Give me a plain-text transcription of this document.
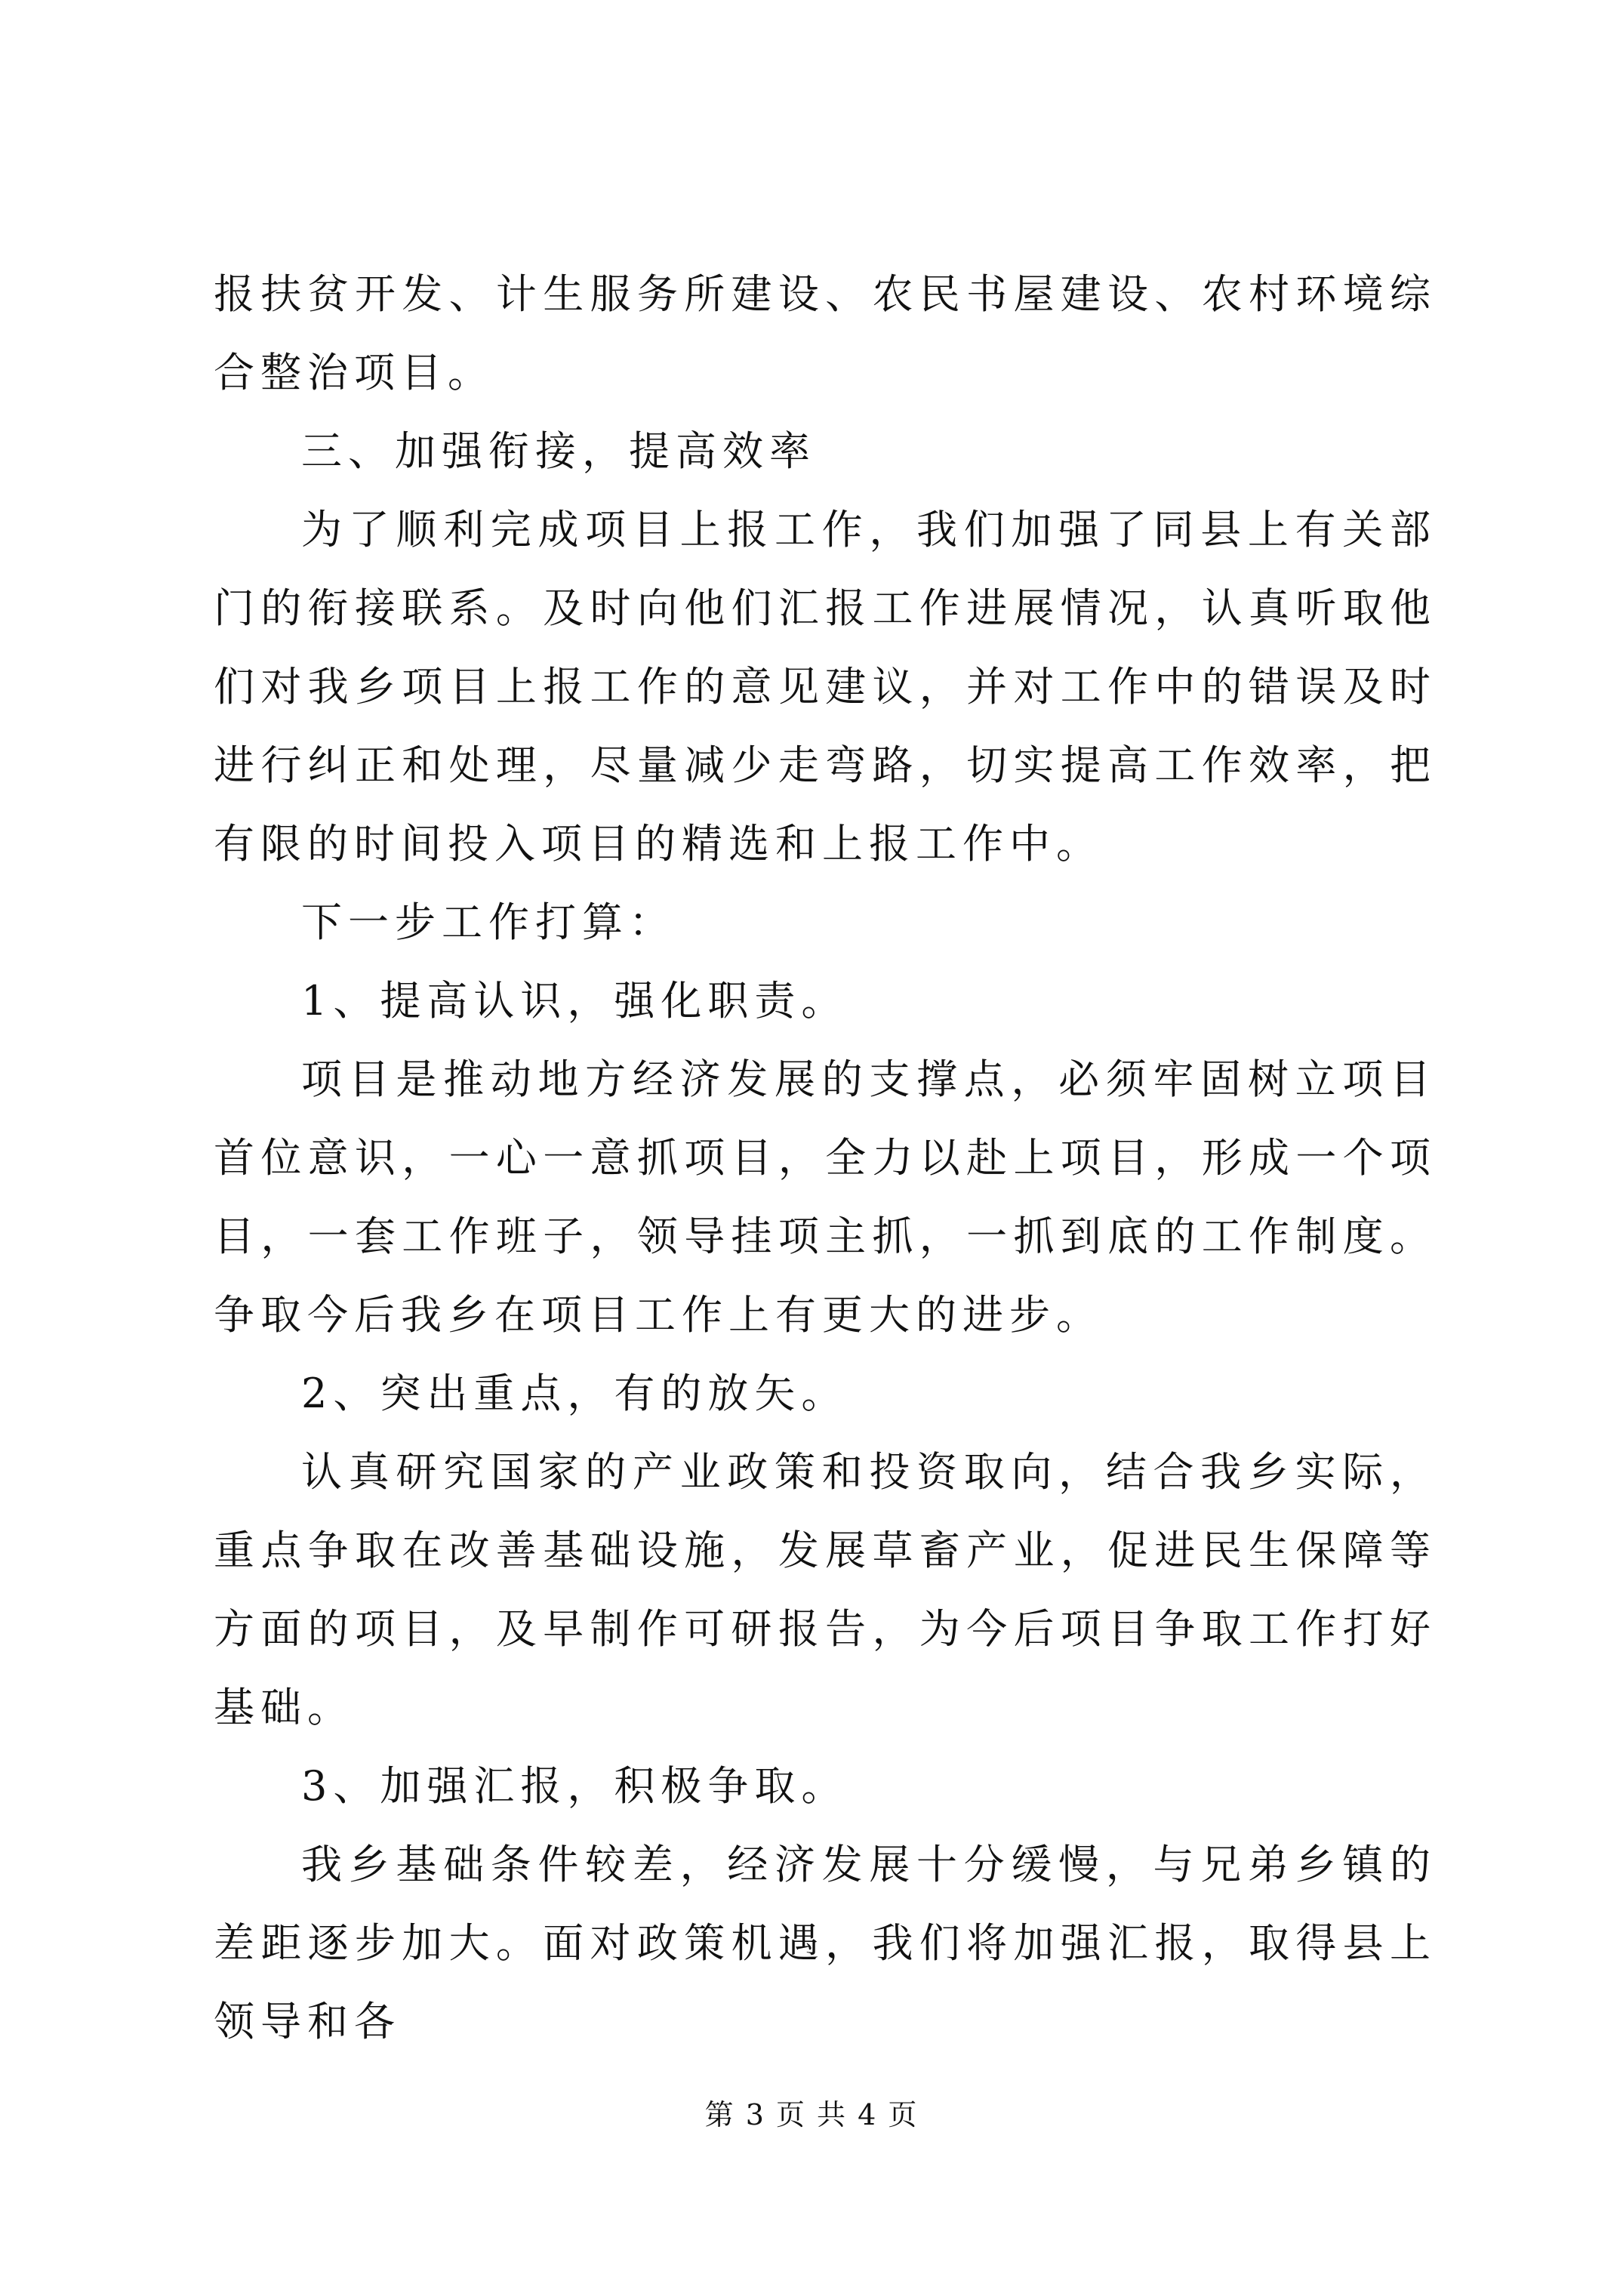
报扶贫开发、计生服务所建设、农民书屋建设、农村环境综合整治项目。

三、加强衔接，提高效率

为了顺利完成项目上报工作，我们加强了同县上有关部门的衔接联系。及时向他们汇报工作进展情况，认真听取他们对我乡项目上报工作的意见建议，并对工作中的错误及时进行纠正和处理，尽量减少走弯路，切实提高工作效率，把有限的时间投入项目的精选和上报工作中。

下一步工作打算：

1、提高认识，强化职责。

项目是推动地方经济发展的支撑点，必须牢固树立项目首位意识，一心一意抓项目，全力以赴上项目，形成一个项目，一套工作班子，领导挂项主抓，一抓到底的工作制度。争取今后我乡在项目工作上有更大的进步。

2、突出重点，有的放矢。

认真研究国家的产业政策和投资取向，结合我乡实际，重点争取在改善基础设施，发展草畜产业，促进民生保障等方面的项目，及早制作可研报告，为今后项目争取工作打好基础。

3、加强汇报，积极争取。

我乡基础条件较差，经济发展十分缓慢，与兄弟乡镇的差距逐步加大。面对政策机遇，我们将加强汇报，取得县上领导和各

第 3 页 共 4 页
